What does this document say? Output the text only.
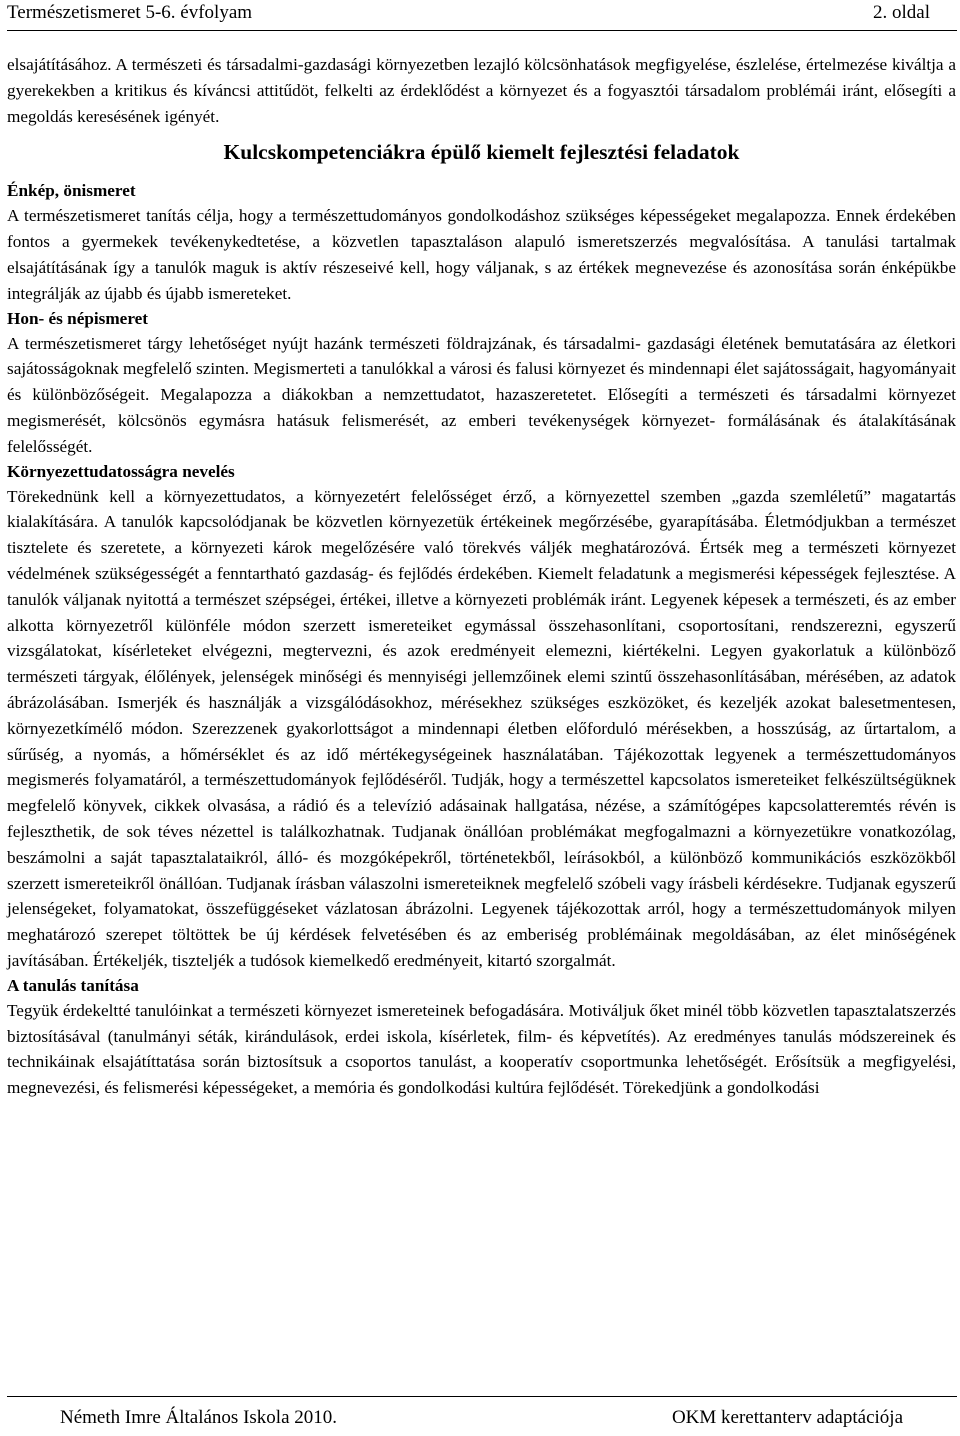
Természetismeret 5-6. évfolyam	2. oldal

elsajátításához. A természeti és társadalmi-gazdasági környezetben lezajló kölcsönhatások megfigyelése, észlelése, értelmezése kiváltja a gyerekekben a kritikus és kíváncsi attitűdöt, felkelti az érdeklődést a környezet és a fogyasztói társadalom problémái iránt, elősegíti a megoldás keresésének igényét.

Kulcskompetenciákra épülő kiemelt fejlesztési feladatok

Énkép, önismeret

A természetismeret tanítás célja, hogy a természettudományos gondolkodáshoz szükséges képességeket megalapozza. Ennek érdekében fontos a gyermekek tevékenykedtetése, a közvetlen tapasztaláson alapuló ismeretszerzés megvalósítása. A tanulási tartalmak elsajátításának így a tanulók maguk is aktív részeseivé kell, hogy váljanak, s az értékek megnevezése és azonosítása során énképükbe integrálják az újabb és újabb ismereteket.

Hon- és népismeret

A természetismeret tárgy lehetőséget nyújt hazánk természeti földrajzának, és társadalmi- gazdasági életének bemutatására az életkori sajátosságoknak megfelelő szinten. Megismerteti a tanulókkal a városi és falusi környezet és mindennapi élet sajátosságait, hagyományait és különbözőségeit. Megalapozza a diákokban a nemzettudatot, hazaszeretetet. Elősegíti a természeti és társadalmi környezet megismerését, kölcsönös egymásra hatásuk felismerését, az emberi tevékenységek környezet- formálásának és átalakításának felelősségét.

Környezettudatosságra nevelés

Törekednünk kell a környezettudatos, a környezetért felelősséget érző, a környezettel szemben „gazda szemléletű” magatartás kialakítására. A tanulók kapcsolódjanak be közvetlen környezetük értékeinek megőrzésébe, gyarapításába. Életmódjukban a természet tisztelete és szeretete, a környezeti károk megelőzésére való törekvés váljék meghatározóvá. Értsék meg a természeti környezet védelmének szükségességét a fenntartható gazdaság- és fejlődés érdekében. Kiemelt feladatunk a megismerési képességek fejlesztése. A tanulók váljanak nyitottá a természet szépségei, értékei, illetve a környezeti problémák iránt. Legyenek képesek a természeti, és az ember alkotta környezetről különféle módon szerzett ismereteiket egymással összehasonlítani, csoportosítani, rendszerezni, egyszerű vizsgálatokat, kísérleteket elvégezni, megtervezni, és azok eredményeit elemezni, kiértékelni. Legyen gyakorlatuk a különböző természeti tárgyak, élőlények, jelenségek minőségi és mennyiségi jellemzőinek elemi szintű összehasonlításában, mérésében, az adatok ábrázolásában. Ismerjék és használják a vizsgálódásokhoz, mérésekhez szükséges eszközöket, és kezeljék azokat balesetmentesen, környezetkímélő módon. Szerezzenek gyakorlottságot a mindennapi életben előforduló mérésekben, a hosszúság, az űrtartalom, a sűrűség, a nyomás, a hőmérséklet és az idő mértékegységeinek használatában. Tájékozottak legyenek a természettudományos megismerés folyamatáról, a természettudományok fejlődéséről. Tudják, hogy a természettel kapcsolatos ismereteiket felkészültségüknek megfelelő könyvek, cikkek olvasása, a rádió és a televízió adásainak hallgatása, nézése, a számítógépes kapcsolatteremtés révén is fejleszthetik, de sok téves nézettel is találkozhatnak. Tudjanak önállóan problémákat megfogalmazni a környezetükre vonatkozólag, beszámolni a saját tapasztalataikról, álló- és mozgóképekről, történetekből, leírásokból, a különböző kommunikációs eszközökből szerzett ismereteikről önállóan. Tudjanak írásban válaszolni ismereteiknek megfelelő szóbeli vagy írásbeli kérdésekre. Tudjanak egyszerű jelenségeket, folyamatokat, összefüggéseket vázlatosan ábrázolni. Legyenek tájékozottak arról, hogy a természettudományok milyen meghatározó szerepet töltöttek be új kérdések felvetésében és az emberiség problémáinak megoldásában, az élet minőségének javításában. Értékeljék, tiszteljék a tudósok kiemelkedő eredményeit, kitartó szorgalmát.

A tanulás tanítása

Tegyük érdekeltté tanulóinkat a természeti környezet ismereteinek befogadására. Motiváljuk őket minél több közvetlen tapasztalatszerzés biztosításával (tanulmányi séták, kirándulások, erdei iskola, kísérletek, film- és képvetítés). Az eredményes tanulás módszereinek és technikáinak elsajátíttatása során biztosítsuk a csoportos tanulást, a kooperatív csoportmunka lehetőségét. Erősítsük a megfigyelési, megnevezési, és felismerési képességeket, a memória és gondolkodási kultúra fejlődését. Törekedjünk a gondolkodási

Németh Imre Általános Iskola 2010.	OKM kerettanterv adaptációja
